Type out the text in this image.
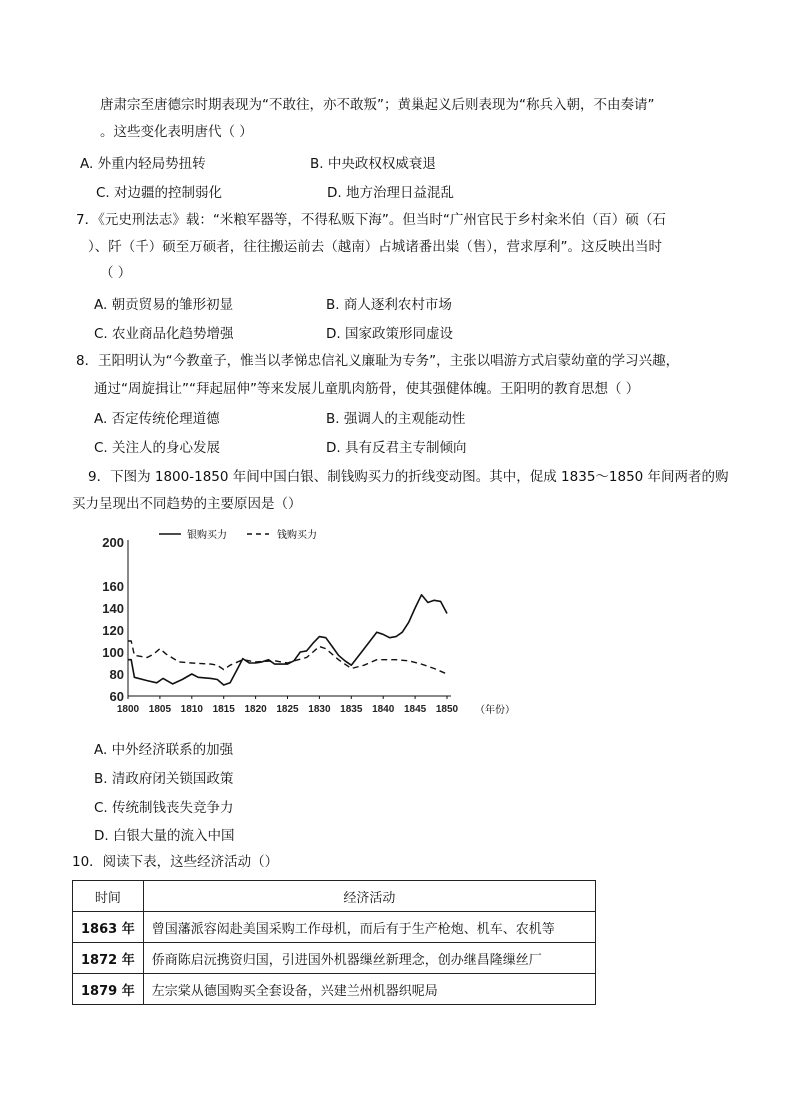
唐肃宗至唐德宗时期表现为“不敢往，亦不敢叛”；黄巢起义后则表现为“称兵入朝，不由奏请”
。这些变化表明唐代（ ）
A. 外重内轻局势扭转	B. 中央政权权威衰退
C. 对边疆的控制弱化	D. 地方治理日益混乱
7．《元史刑法志》载：“米粮军器等，不得私贩下海”。但当时“广州官民于乡村籴米伯（百）硕（石
）、阡（千）硕至万硕者，往往搬运前去（越南）占城诸番出粜（售），营求厚利”。这反映出当时
（ ）
A. 朝贡贸易的雏形初显	B. 商人逐利农村市场
C. 农业商品化趋势增强	D. 国家政策形同虚设
8．王阳明认为“今教童子，惟当以孝悌忠信礼义廉耻为专务”，主张以唱游方式启蒙幼童的学习兴趣，
通过“周旋揖让”“拜起屈伸”等来发展儿童肌肉筋骨，使其强健体魄。王阳明的教育思想（ ）
A. 否定传统伦理道德	B. 强调人的主观能动性
C. 关注人的身心发展	D. 具有反君主专制倾向
9．下图为 1800-1850 年间中国白银、制钱购买力的折线变动图。其中，促成 1835～1850 年间两者的购
买力呈现出不同趋势的主要原因是（）
60
80
100
120
140
160
200
1800 1805 1810 1815 1820 1825 1830 1835 1840 1845 1850
银购买力	钱购买力
（年份）
A. 中外经济联系的加强
B. 清政府闭关锁国政策
C. 传统制钱丧失竞争力
D. 白银大量的流入中国
10．阅读下表，这些经济活动（）
时间	经济活动
1863 年	曾国藩派容闳赴美国采购工作母机，而后有于生产枪炮、机车、农机等
1872 年	侨商陈启沅携资归国，引进国外机器缫丝新理念，创办继昌隆缫丝厂
1879 年	左宗棠从德国购买全套设备，兴建兰州机器织呢局
